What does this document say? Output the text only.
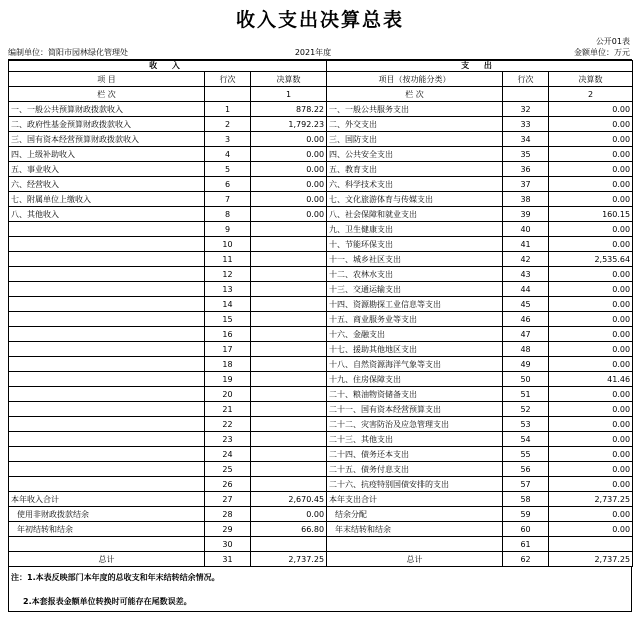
收入支出决算总表
公开01表
编制单位：简阳市园林绿化管理处	2021年度	金额单位：万元
收 入			支 出		
项 目	行次	决算数	项目（按功能分类）	行次	决算数
栏 次		1	栏 次		2
一、一般公共预算财政拨款收入	1	878.22	一、一般公共服务支出	32	0.00
二、政府性基金预算财政拨款收入	2	1,792.23	二、外交支出	33	0.00
三、国有资本经营预算财政拨款收入	3	0.00	三、国防支出	34	0.00
四、上级补助收入	4	0.00	四、公共安全支出	35	0.00
五、事业收入	5	0.00	五、教育支出	36	0.00
六、经营收入	6	0.00	六、科学技术支出	37	0.00
七、附属单位上缴收入	7	0.00	七、文化旅游体育与传媒支出	38	0.00
八、其他收入	8	0.00	八、社会保障和就业支出	39	160.15
	9		九、卫生健康支出	40	0.00
	10		十、节能环保支出	41	0.00
	11		十一、城乡社区支出	42	2,535.64
	12		十二、农林水支出	43	0.00
	13		十三、交通运输支出	44	0.00
	14		十四、资源勘探工业信息等支出	45	0.00
	15		十五、商业服务业等支出	46	0.00
	16		十六、金融支出	47	0.00
	17		十七、援助其他地区支出	48	0.00
	18		十八、自然资源海洋气象等支出	49	0.00
	19		十九、住房保障支出	50	41.46
	20		二十、粮油物资储备支出	51	0.00
	21		二十一、国有资本经营预算支出	52	0.00
	22		二十二、灾害防治及应急管理支出	53	0.00
	23		二十三、其他支出	54	0.00
	24		二十四、债务还本支出	55	0.00
	25		二十五、债务付息支出	56	0.00
	26		二十六、抗疫特别国债安排的支出	57	0.00
本年收入合计	27	2,670.45	本年支出合计	58	2,737.25
使用非财政拨款结余	28	0.00	结余分配	59	0.00
年初结转和结余	29	66.80	年末结转和结余	60	0.00
	30			61	
总计	31	2,737.25	总计	62	2,737.25
注：1.本表反映部门本年度的总收支和年末结转结余情况。
2.本套报表金额单位转换时可能存在尾数误差。
